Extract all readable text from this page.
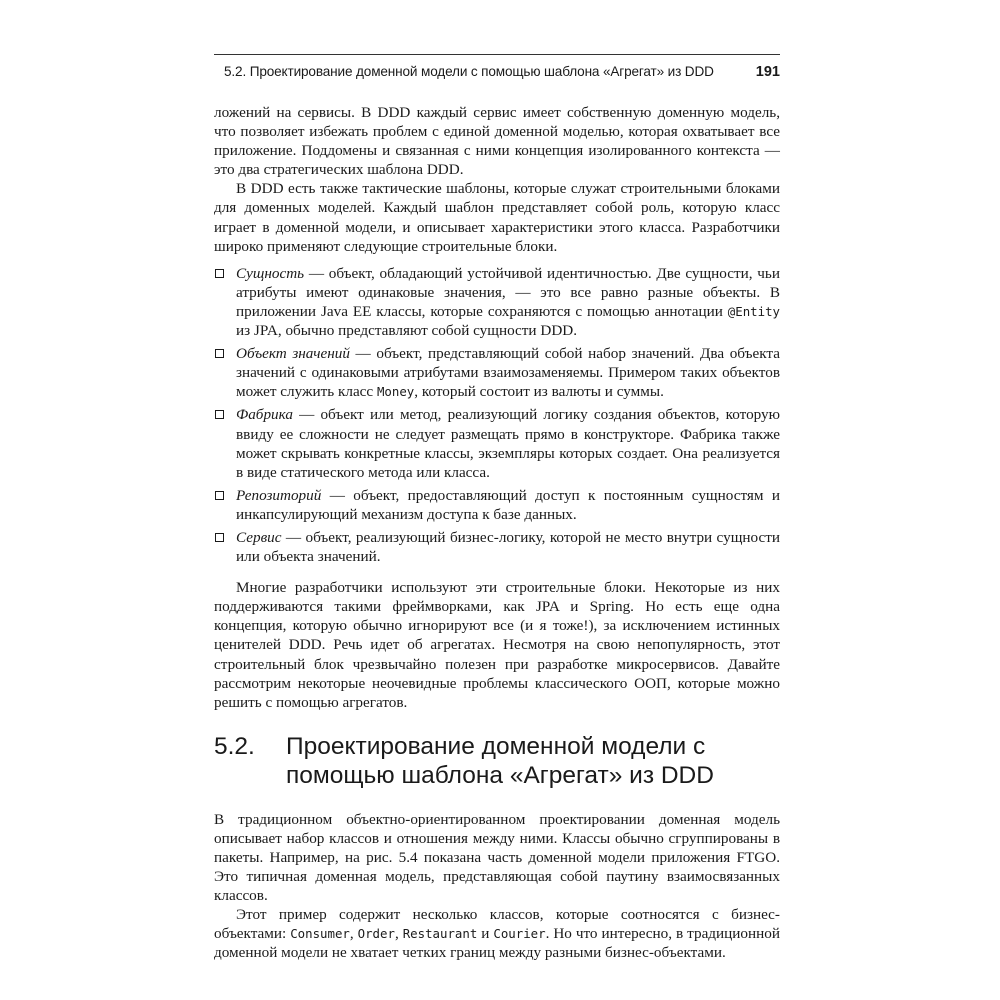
5.2. Проектирование доменной модели с помощью шаблона «Агрегат» из DDD	191

ложений на сервисы. В DDD каждый сервис имеет собственную доменную модель, что позволяет избежать проблем с единой доменной моделью, которая охватывает все приложение. Поддомены и связанная с ними концепция изолированного контекста — это два стратегических шаблона DDD.

В DDD есть также тактические шаблоны, которые служат строительными блоками для доменных моделей. Каждый шаблон представляет собой роль, которую класс играет в доменной модели, и описывает характеристики этого класса. Разработчики широко применяют следующие строительные блоки.

Сущность — объект, обладающий устойчивой идентичностью. Две сущности, чьи атрибуты имеют одинаковые значения, — это все равно разные объекты. В приложении Java EE классы, которые сохраняются с помощью аннотации @Entity из JPA, обычно представляют собой сущности DDD.
Объект значений — объект, представляющий собой набор значений. Два объекта значений с одинаковыми атрибутами взаимозаменяемы. Примером таких объектов может служить класс Money, который состоит из валюты и суммы.
Фабрика — объект или метод, реализующий логику создания объектов, которую ввиду ее сложности не следует размещать прямо в конструкторе. Фабрика также может скрывать конкретные классы, экземпляры которых создает. Она реализуется в виде статического метода или класса.
Репозиторий — объект, предоставляющий доступ к постоянным сущностям и инкапсулирующий механизм доступа к базе данных.
Сервис — объект, реализующий бизнес-логику, которой не место внутри сущности или объекта значений.

Многие разработчики используют эти строительные блоки. Некоторые из них поддерживаются такими фреймворками, как JPA и Spring. Но есть еще одна концепция, которую обычно игнорируют все (и я тоже!), за исключением истинных ценителей DDD. Речь идет об агрегатах. Несмотря на свою непопулярность, этот строительный блок чрезвычайно полезен при разработке микросервисов. Давайте рассмотрим некоторые неочевидные проблемы классического ООП, которые можно решить с помощью агрегатов.

5.2.	Проектирование доменной модели с помощью шаблона «Агрегат» из DDD

В традиционном объектно-ориентированном проектировании доменная модель описывает набор классов и отношения между ними. Классы обычно сгруппированы в пакеты. Например, на рис. 5.4 показана часть доменной модели приложения FTGO. Это типичная доменная модель, представляющая собой паутину взаимосвязанных классов.

Этот пример содержит несколько классов, которые соотносятся с бизнес-объектами: Consumer, Order, Restaurant и Courier. Но что интересно, в традиционной доменной модели не хватает четких границ между разными бизнес-объектами.
